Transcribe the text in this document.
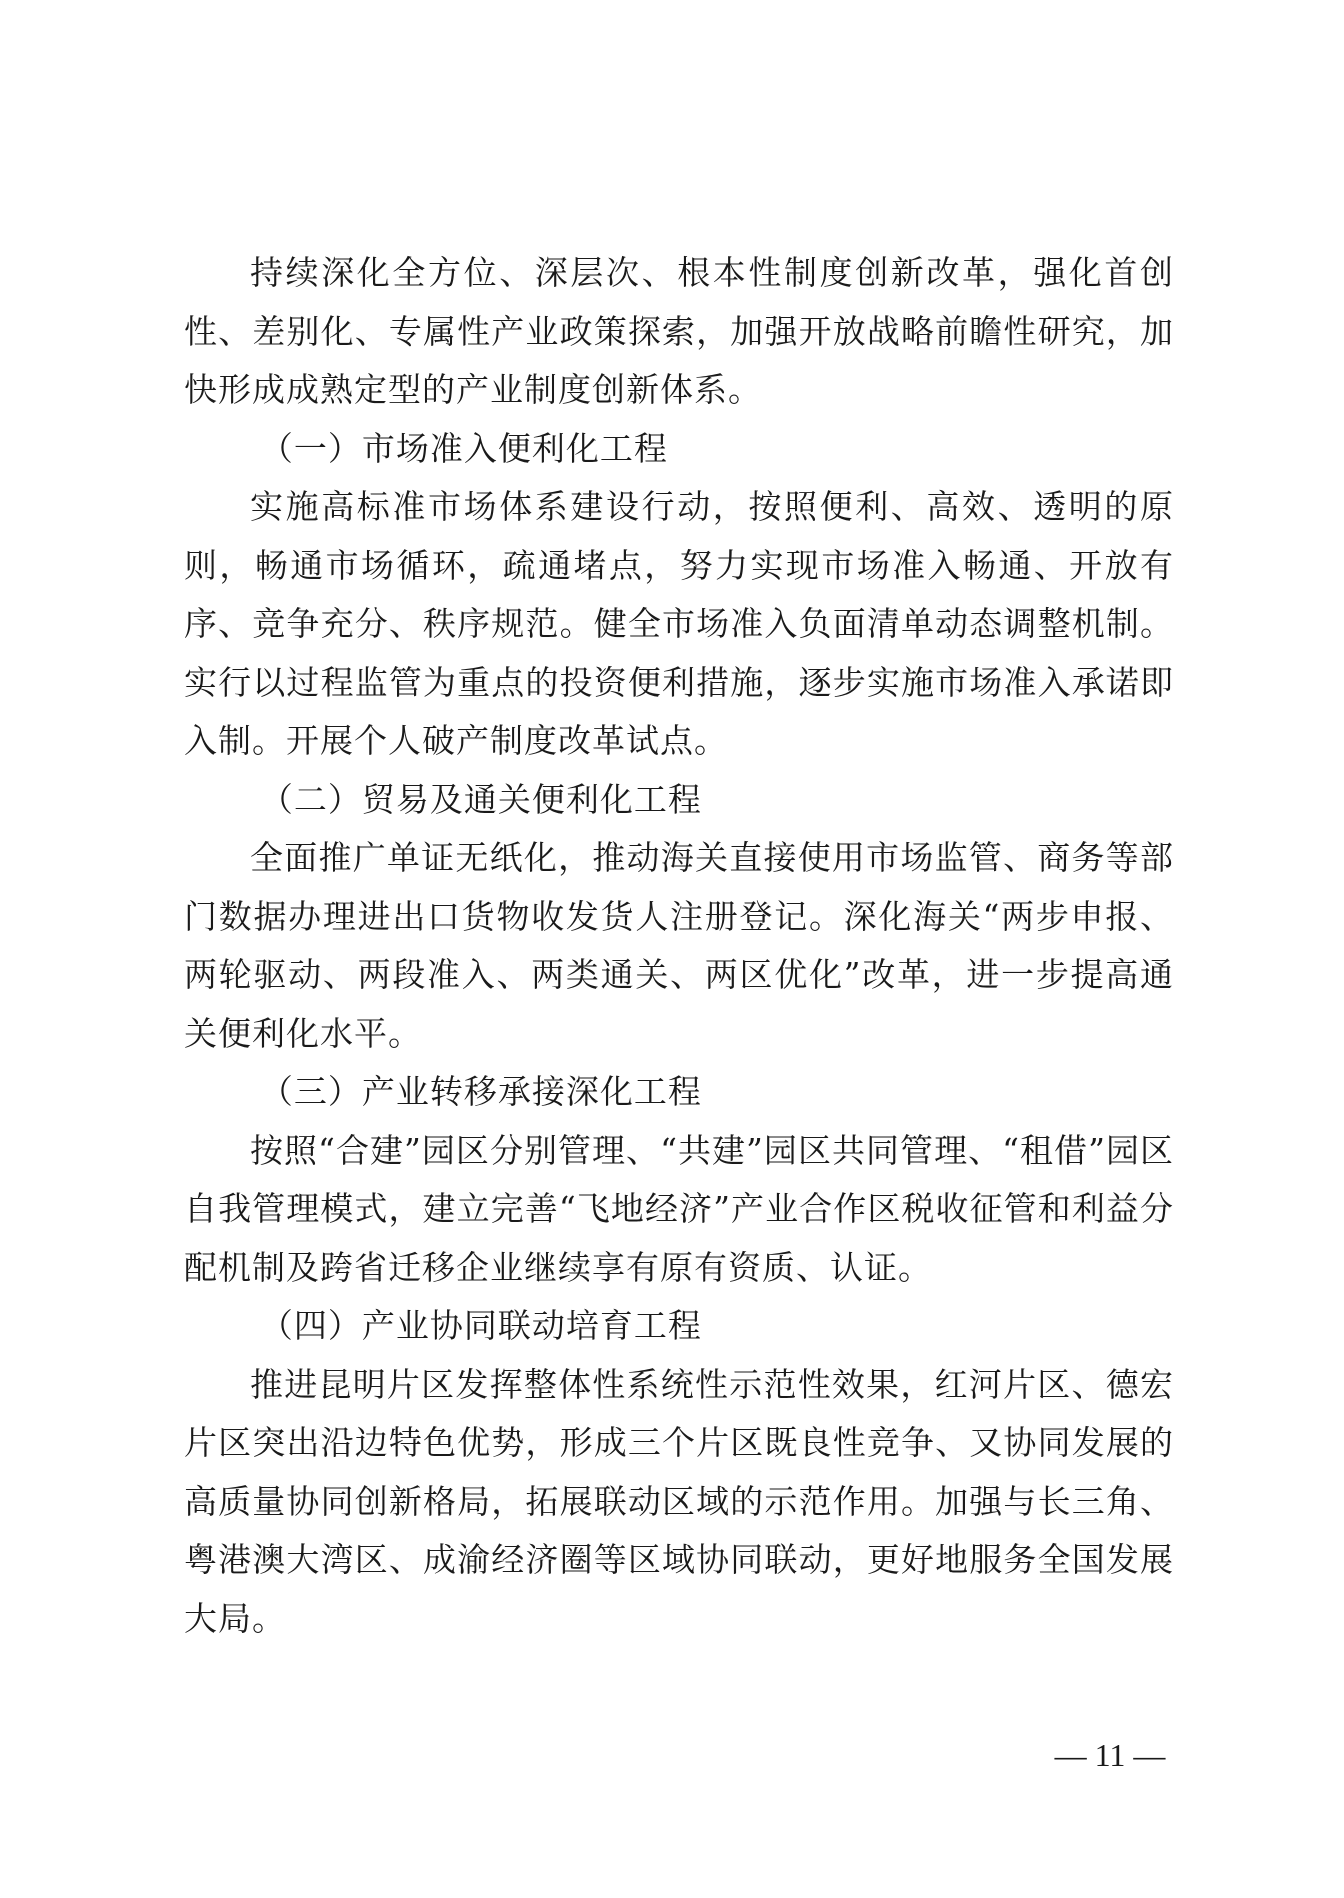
持续深化全方位、深层次、根本性制度创新改革，强化首创性、差别化、专属性产业政策探索，加强开放战略前瞻性研究，加快形成成熟定型的产业制度创新体系。

（一）市场准入便利化工程

实施高标准市场体系建设行动，按照便利、高效、透明的原则，畅通市场循环，疏通堵点，努力实现市场准入畅通、开放有序、竞争充分、秩序规范。健全市场准入负面清单动态调整机制。实行以过程监管为重点的投资便利措施，逐步实施市场准入承诺即入制。开展个人破产制度改革试点。

（二）贸易及通关便利化工程

全面推广单证无纸化，推动海关直接使用市场监管、商务等部门数据办理进出口货物收发货人注册登记。深化海关“两步申报、两轮驱动、两段准入、两类通关、两区优化”改革，进一步提高通关便利化水平。

（三）产业转移承接深化工程

按照“合建”园区分别管理、“共建”园区共同管理、“租借”园区自我管理模式，建立完善“飞地经济”产业合作区税收征管和利益分配机制及跨省迁移企业继续享有原有资质、认证。

（四）产业协同联动培育工程

推进昆明片区发挥整体性系统性示范性效果，红河片区、德宏片区突出沿边特色优势，形成三个片区既良性竞争、又协同发展的高质量协同创新格局，拓展联动区域的示范作用。加强与长三角、粤港澳大湾区、成渝经济圈等区域协同联动，更好地服务全国发展大局。

— 11 —
